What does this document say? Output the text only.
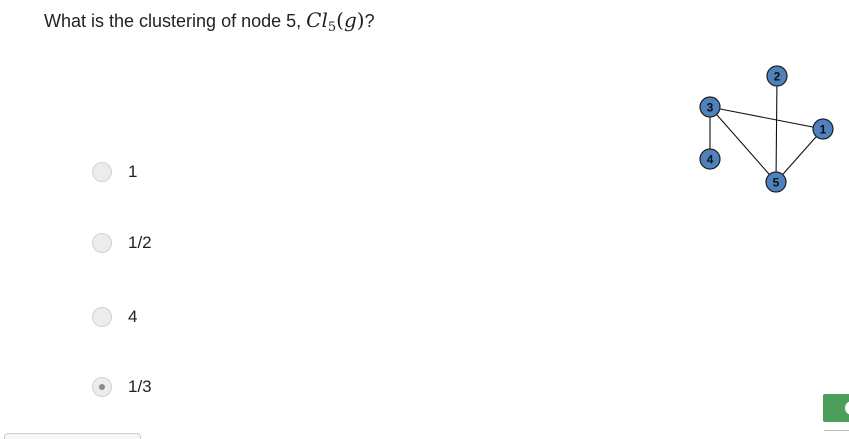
What is the clustering of node 5, $Cl_5(g)$?
1
1/2
4
1/3
2
3
1
4
5
